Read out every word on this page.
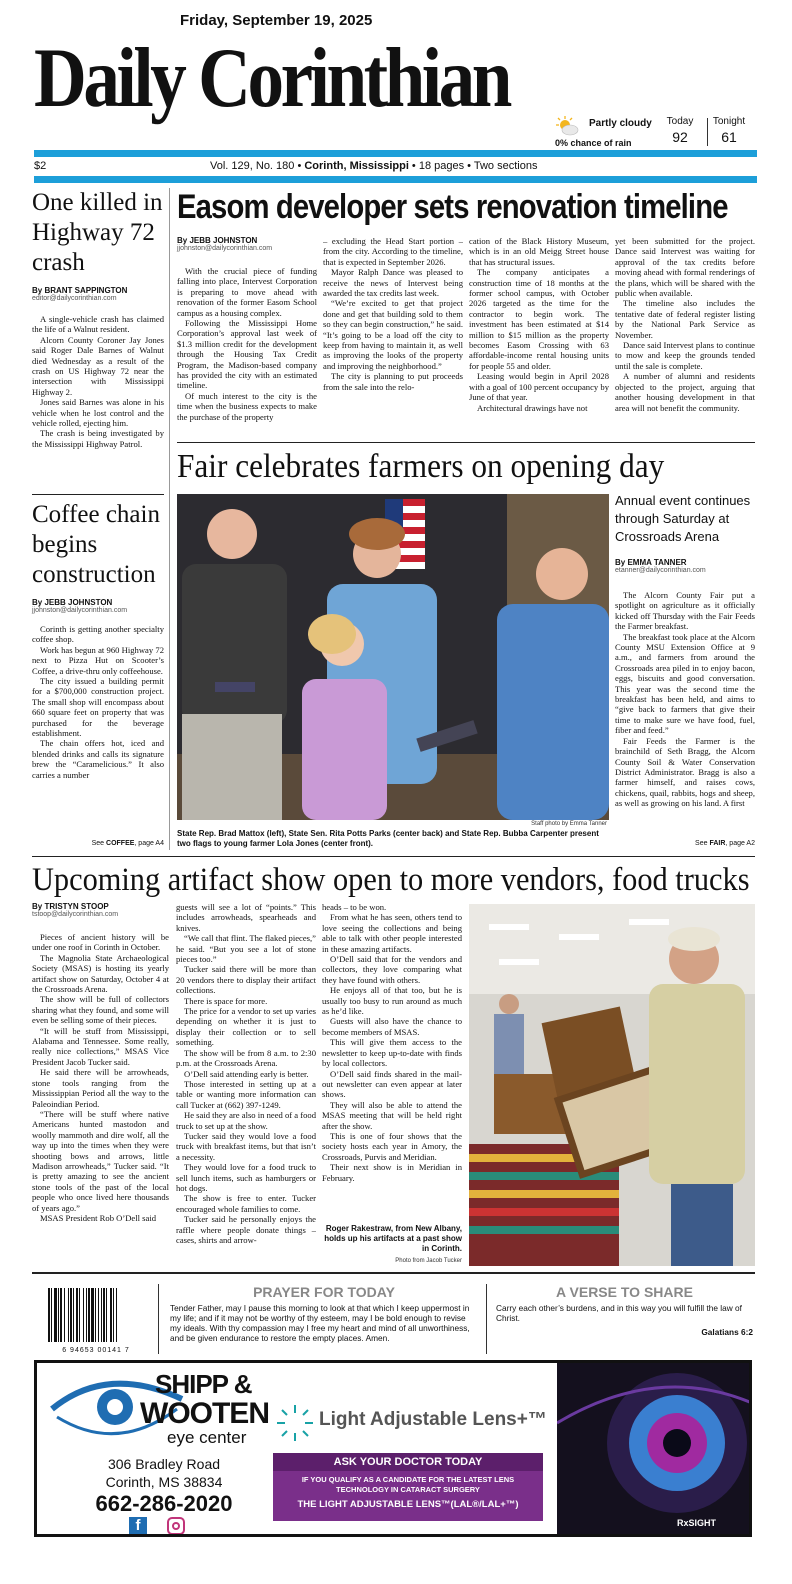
Friday, September 19, 2025
Daily Corinthian	Partly cloudy
0% chance of rain
Today
92
Tonight
61
$2	Vol. 129, No. 180 • Corinth, Mississippi • 18 pages • Two sections
One killed in Highway 72 crash
By BRANT SAPPINGTON
editor@dailycorinthian.com

A single-vehicle crash has claimed the life of a Walnut resident.

Alcorn County Coroner Jay Jones said Roger Dale Barnes of Walnut died Wednesday as a result of the crash on US Highway 72 near the intersection with Mississippi Highway 2.

Jones said Barnes was alone in his vehicle when he lost control and the vehicle rolled, ejecting him.

The crash is being investigated by the Mississippi Highway Patrol.

Coffee chain begins construction
By JEBB JOHNSTON
jjohnston@dailycorinthian.com

Corinth is getting another specialty coffee shop.

Work has begun at 960 Highway 72 next to Pizza Hut on Scooter’s Coffee, a drive-thru only coffeehouse.

The city issued a building permit for a $700,000 construction project. The small shop will encompass about 660 square feet on property that was purchased for the beverage establishment.

The chain offers hot, iced and blended drinks and calls its signature brew the “Caramelicious.” It also carries a number

See COFFEE, page A4
Easom developer sets renovation timeline
By JEBB JOHNSTON
jjohnston@dailycorinthian.com

With the crucial piece of funding falling into place, Intervest Corporation is preparing to move ahead with renovation of the former Easom School campus as a housing complex.

Following the Mississippi Home Corporation’s approval last week of $1.3 million credit for the development through the Housing Tax Credit Program, the Madison-based company has provided the city with an estimated timeline.

Of much interest to the city is the time when the business expects to make the purchase of the property

– excluding the Head Start portion – from the city. According to the timeline, that is expected in September 2026.

Mayor Ralph Dance was pleased to receive the news of Intervest being awarded the tax credits last week.

“We’re excited to get that project done and get that building sold to them so they can begin construction,” he said. “It’s going to be a load off the city to keep from having to maintain it, as well as improving the looks of the property and improving the neighborhood.”

The city is planning to put proceeds from the sale into the relo-

cation of the Black History Museum, which is in an old Meigg Street house that has structural issues.

The company anticipates a construction time of 18 months at the former school campus, with October 2026 targeted as the time for the contractor to begin work. The investment has been estimated at $14 million to $15 million as the property becomes Easom Crossing with 63 affordable-income rental housing units for people 55 and older.

Leasing would begin in April 2028 with a goal of 100 percent occupancy by June of that year.

Architectural drawings have not

yet been submitted for the project. Dance said Intervest was waiting for approval of the tax credits before moving ahead with formal renderings of the plans, which will be shared with the public when available.

The timeline also includes the tentative date of federal register listing by the National Park Service as November.

Dance said Intervest plans to continue to mow and keep the grounds tended until the sale is complete.

A number of alumni and residents objected to the project, arguing that another housing development in that area will not benefit the community.

Fair celebrates farmers on opening day
Staff photo by Emma Tanner
State Rep. Brad Mattox (left), State Sen. Rita Potts Parks (center back) and State Rep. Bubba Carpenter present two flags to young farmer Lola Jones (center front).
Annual event continues through Saturday at Crossroads Arena
By EMMA TANNER
etanner@dailycorinthian.com

The Alcorn County Fair put a spotlight on agriculture as it officially kicked off Thursday with the Fair Feeds the Farmer breakfast.

The breakfast took place at the Alcorn County MSU Extension Office at 9 a.m., and farmers from around the Crossroads area piled in to enjoy bacon, eggs, biscuits and good conversation. This year was the second time the breakfast has been held, and aims to “give back to farmers that give their time to make sure we have food, fuel, fiber and feed.”

Fair Feeds the Farmer is the brainchild of Seth Bragg, the Alcorn County Soil & Water Conservation District Administrator. Bragg is also a farmer himself, and raises cows, chickens, quail, rabbits, hogs and sheep, as well as growing on his land. A first

See FAIR, page A2
Upcoming artifact show open to more vendors, food trucks
By TRISTYN STOOP
tstoop@dailycorinthian.com

Pieces of ancient history will be under one roof in Corinth in October.

The Magnolia State Archaeological Society (MSAS) is hosting its yearly artifact show on Saturday, October 4 at the Crossroads Arena.

The show will be full of collectors sharing what they found, and some will even be selling some of their pieces.

“It will be stuff from Mississippi, Alabama and Tennessee. Some really, really nice collections,” MSAS Vice President Jacob Tucker said.

He said there will be arrowheads, stone tools ranging from the Mississippian Period all the way to the Paleoindian Period.

“There will be stuff where native Americans hunted mastodon and woolly mammoth and dire wolf, all the way up into the times when they were shooting bows and arrows, little Madison arrowheads,” Tucker said. “It is pretty amazing to see the ancient stone tools of the past of the local people who once lived here thousands of years ago.”

MSAS President Rob O’Dell said

guests will see a lot of “points.” This includes arrowheads, spearheads and knives.

“We call that flint. The flaked pieces,” he said. “But you see a lot of stone pieces too.”

Tucker said there will be more than 20 vendors there to display their artifact collections.

There is space for more.

The price for a vendor to set up varies depending on whether it is just to display their collection or to sell something.

The show will be from 8 a.m. to 2:30 p.m. at the Crossroads Arena.

O’Dell said attending early is better.

Those interested in setting up at a table or wanting more information can call Tucker at (662) 397-1249.

He said they are also in need of a food truck to set up at the show.

Tucker said they would love a food truck with breakfast items, but that isn’t a necessity.

They would love for a food truck to sell lunch items, such as hamburgers or hot dogs.

The show is free to enter. Tucker encouraged whole families to come.

Tucker said he personally enjoys the raffle where people donate things – cases, shirts and arrow-

heads – to be won.

From what he has seen, others tend to love seeing the collections and being able to talk with other people interested in these amazing artifacts.

O’Dell said that for the vendors and collectors, they love comparing what they have found with others.

He enjoys all of that too, but he is usually too busy to run around as much as he’d like.

Guests will also have the chance to become members of MSAS.

This will give them access to the newsletter to keep up-to-date with finds by local collectors.

O’Dell said finds shared in the mail-out newsletter can even appear at later shows.

They will also be able to attend the MSAS meeting that will be held right after the show.

This is one of four shows that the society hosts each year in Amory, the Crossroads, Purvis and Meridian.

Their next show is in Meridian in February.

Roger Rakestraw, from New Albany, holds up his artifacts at a past show in Corinth.
Photo from Jacob Tucker
6 94653 00141 7
PRAYER FOR TODAY
Tender Father, may I pause this morning to look at that which I keep uppermost in my life; and if it may not be worthy of thy esteem, may I be bold enough to revise my ideals. With thy compassion may I free my heart and mind of all unworthiness, and be given endurance to restore the empty places. Amen.
A VERSE TO SHARE
Carry each other’s burdens, and in this way you will fulfill the law of Christ.
Galatians 6:2
SHIPP &
WOOTEN
eye center
306 Bradley Road
Corinth, MS 38834
662-286-2020
f
Light Adjustable Lens+™
ASK YOUR DOCTOR TODAY
IF YOU QUALIFY AS A CANDIDATE FOR THE LATEST LENS TECHNOLOGY IN CATARACT SURGERY
THE LIGHT ADJUSTABLE LENS™(LAL®/LAL+™)
RxSIGHT
